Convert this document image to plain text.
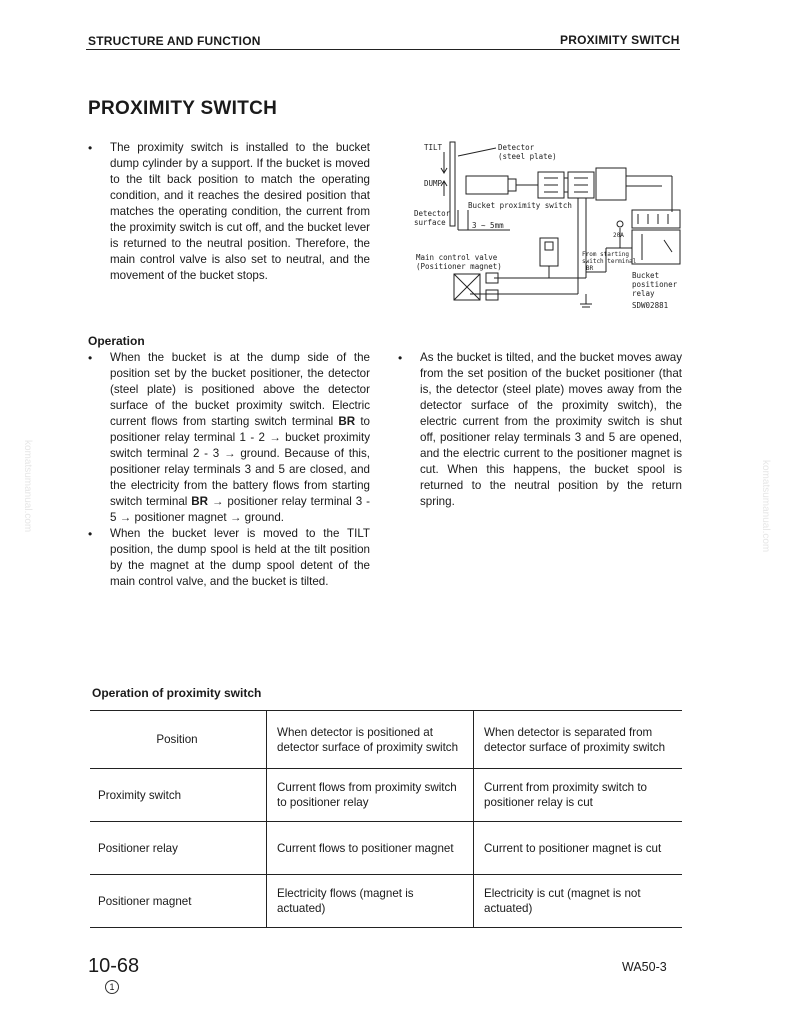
STRUCTURE AND FUNCTION	PROXIMITY SWITCH
PROXIMITY SWITCH
•	The proximity switch is installed to the bucket dump cylinder by a support. If the bucket is moved to the tilt back position to match the operating condition, and it reaches the desired position that matches the operating condition, the current from the proximity switch is cut off, and the bucket lever is returned to the neutral position. Therefore, the main control valve is also set to neutral, and the movement of the bucket stops.
TILT
DUMP
Detector
(steel plate)
Bucket proximity switch
Detector
surface	3 ~ 5mm
20A
Main control valve
(Positioner magnet)
From starting
switch terminal
BR
Bucket
positioner
relay
SDW02881
Operation
•	When the bucket is at the dump side of the position set by the bucket positioner, the detector (steel plate) is positioned above the detector surface of the bucket proximity switch. Electric current flows from starting switch terminal BR to positioner relay terminal 1 - 2 → bucket proximity switch terminal 2 - 3 → ground. Because of this, positioner relay terminals 3 and 5 are closed, and the electricity from the battery flows from starting switch terminal BR → positioner relay terminal 3 - 5 → positioner magnet → ground.
•	When the bucket lever is moved to the TILT position, the dump spool is held at the tilt position by the magnet at the dump spool detent of the main control valve, and the bucket is tilted.
•	As the bucket is tilted, and the bucket moves away from the set position of the bucket positioner (that is, the detector (steel plate) moves away from the detector surface of the proximity switch), the electric current from the proximity switch is shut off, positioner relay terminals 3 and 5 are opened, and the electric current to the positioner magnet is cut. When this happens, the bucket spool is returned to the neutral position by the return spring.
Operation of proximity switch
Position	When detector is positioned at detector surface of proximity switch	When detector is separated from detector surface of proximity switch
Proximity switch	Current flows from proximity switch to positioner relay	Current from proximity switch to positioner relay is cut
Positioner relay	Current flows to positioner magnet	Current to positioner magnet is cut
Positioner magnet	Electricity flows (magnet is actuated)	Electricity is cut (magnet is not actuated)
10-68
1
WA50-3
komatsumanual.com	komatsumanual.com
